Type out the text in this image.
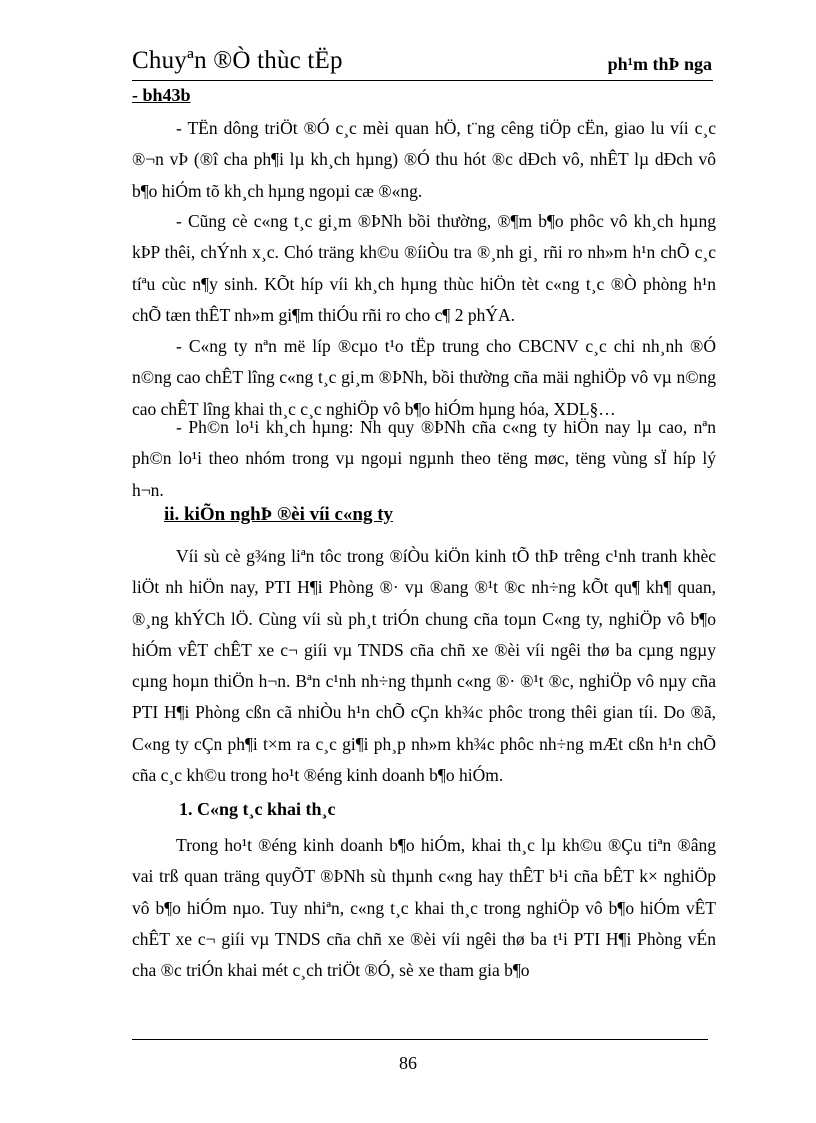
Chuyªn ®Ò thùc tËp	ph¹m thÞ nga
- bh43b

- TËn dông triÖt ®Ó c¸c mèi quan hÖ, t¨ng cêng tiÖp cËn, giao lu víi c¸c ®¬n vÞ (®î cha ph¶i lµ kh¸ch hµng) ®Ó thu hót ®c dÐch vô, nhÊT lµ dÐch vô b¶o hiÓm tõ kh¸ch hµng ngoµi cæ ®«ng.

- Cũng cè c«ng t¸c gi¸m ®ÞNh bồi thường, ®¶m b¶o phôc vô kh¸ch hµng kÞP thêi, chÝnh x¸c. Chó träng kh©u ®íiÒu tra ®¸nh gi¸ rñi ro nh»m h¹n chÕ c¸c tíªu cùc n¶y sinh. KÕt híp víi kh¸ch hµng thùc hiÖn tèt c«ng t¸c ®Ò phòng h¹n chÕ tæn thÊT nh»m gi¶m thiÓu rñi ro cho c¶ 2 phÝA.

- C«ng ty nªn më líp ®cµo t¹o tËp trung cho CBCNV c¸c chi nh¸nh ®Ó n©ng cao chÊT lîng c«ng t¸c gi¸m ®ÞNh, bồi thường cña mäi nghiÖp vô vµ n©ng cao chÊT lîng khai th¸c c¸c nghiÖp vô b¶o hiÓm hµng hóa, XDL§…

- Ph©n lo¹i kh¸ch hµng: Nh quy ®ÞNh cña c«ng ty hiÖn nay lµ cao, nªn ph©n lo¹i theo nhóm trong vµ ngoµi ngµnh theo tëng møc, tëng vùng sÏ híp lý h¬n.

ii. kiÕn nghÞ ®èi víi c«ng ty

Víi sù cè g¾ng liªn tôc trong ®íÒu kiÖn kinh tÕ thÞ trêng c¹nh tranh khèc liÖt nh hiÖn nay, PTI H¶i Phòng ®· vµ ®ang ®¹t ®c nh÷ng kÕt qu¶ kh¶ quan, ®¸ng khÝCh lÖ. Cùng víi sù ph¸t triÓn chung cña toµn C«ng ty, nghiÖp vô b¶o hiÓm vÊT chÊT xe c¬ giíi vµ TNDS cña chñ xe ®èi víi ngêi thø ba cµng ngµy cµng hoµn thiÖn h¬n. Bªn c¹nh nh÷ng thµnh c«ng ®· ®¹t ®c, nghiÖp vô nµy cña PTI H¶i Phòng cßn cã nhiÒu h¹n chÕ cÇn kh¾c phôc trong thêi gian tíi. Do ®ã, C«ng ty cÇn ph¶i t×m ra c¸c gi¶i ph¸p nh»m kh¾c phôc nh÷ng mÆt cßn h¹n chÕ cña c¸c kh©u trong ho¹t ®éng kinh doanh b¶o hiÓm.

1. C«ng t¸c khai th¸c

Trong ho¹t ®éng kinh doanh b¶o hiÓm, khai th¸c lµ kh©u ®Çu tiªn ®âng vai trß quan träng quyÕT ®ÞNh sù thµnh c«ng hay thÊT b¹i cña bÊT k× nghiÖp vô b¶o hiÓm nµo. Tuy nhiªn, c«ng t¸c khai th¸c trong nghiÖp vô b¶o hiÓm vÊT chÊT xe c¬ giíi vµ TNDS cña chñ xe ®èi víi ngêi thø ba t¹i PTI H¶i Phòng vÉn cha ®c triÓn khai mét c¸ch triÖt ®Ó, sè xe tham gia b¶o

86
